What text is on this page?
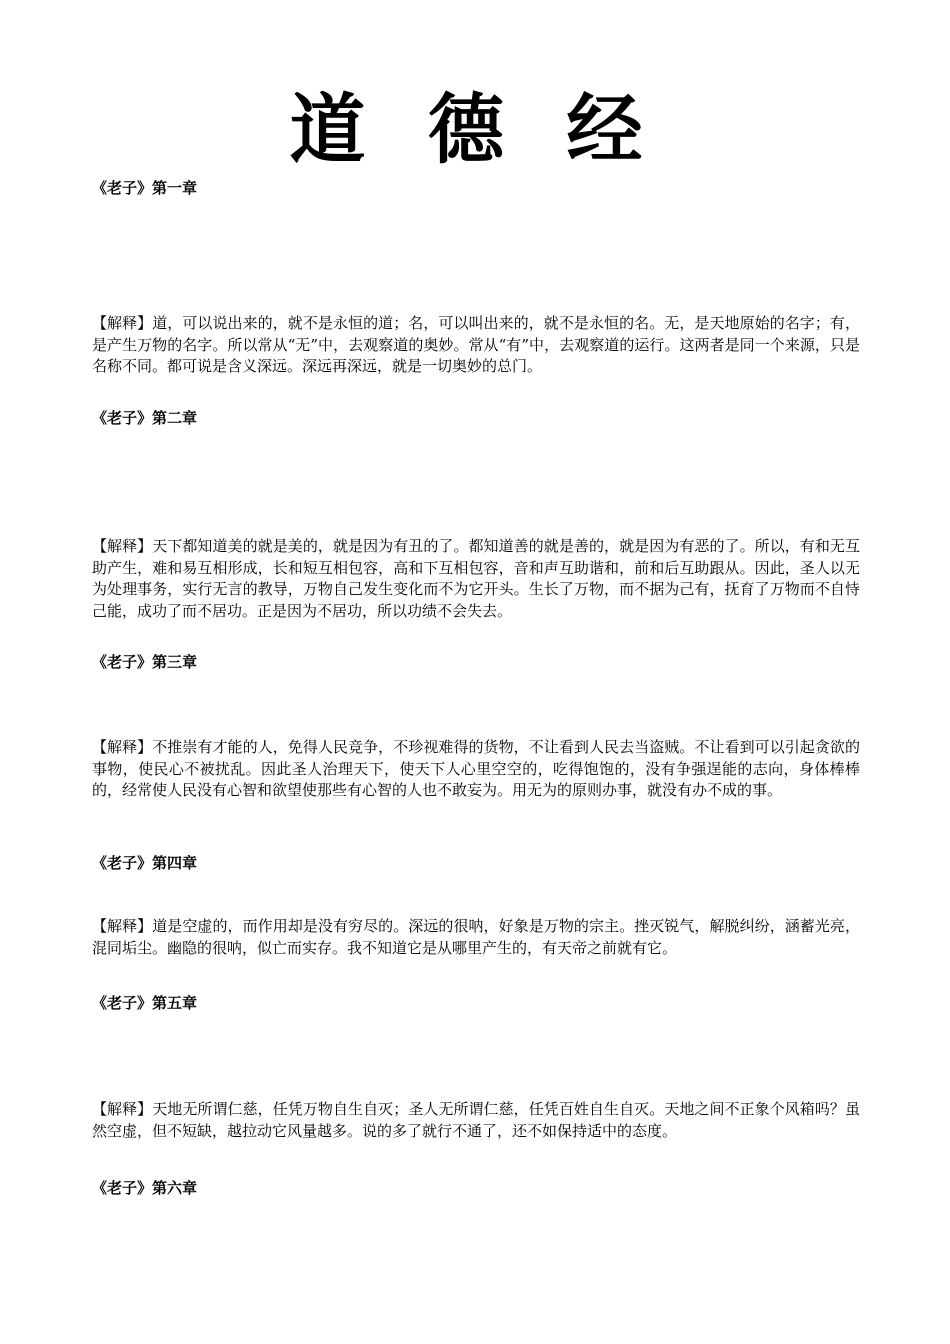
道 德 经
《老子》第一章

【解释】道，可以说出来的，就不是永恒的道；名，可以叫出来的，就不是永恒的名。无，是天地原始的名字；有，是产生万物的名字。所以常从“无”中，去观察道的奥妙。常从“有”中，去观察道的运行。这两者是同一个来源，只是名称不同。都可说是含义深远。深远再深远，就是一切奥妙的总门。

《老子》第二章

【解释】天下都知道美的就是美的，就是因为有丑的了。都知道善的就是善的，就是因为有恶的了。所以，有和无互助产生，难和易互相形成，长和短互相包容，高和下互相包容，音和声互助谐和，前和后互助跟从。因此，圣人以无为处理事务，实行无言的教导，万物自己发生变化而不为它开头。生长了万物，而不据为己有，抚育了万物而不自恃己能，成功了而不居功。正是因为不居功，所以功绩不会失去。

《老子》第三章

【解释】不推崇有才能的人，免得人民竞争，不珍视难得的货物，不让看到人民去当盗贼。不让看到可以引起贪欲的事物，使民心不被扰乱。因此圣人治理天下，使天下人心里空空的，吃得饱饱的，没有争强逞能的志向，身体棒棒的，经常使人民没有心智和欲望使那些有心智的人也不敢妄为。用无为的原则办事，就没有办不成的事。

《老子》第四章

【解释】道是空虚的，而作用却是没有穷尽的。深远的很呐，好象是万物的宗主。挫灭锐气，解脱纠纷，涵蓄光亮，混同垢尘。幽隐的很呐，似亡而实存。我不知道它是从哪里产生的，有天帝之前就有它。

《老子》第五章

【解释】天地无所谓仁慈，任凭万物自生自灭；圣人无所谓仁慈，任凭百姓自生自灭。天地之间不正象个风箱吗？虽然空虚，但不短缺，越拉动它风量越多。说的多了就行不通了，还不如保持适中的态度。

《老子》第六章
